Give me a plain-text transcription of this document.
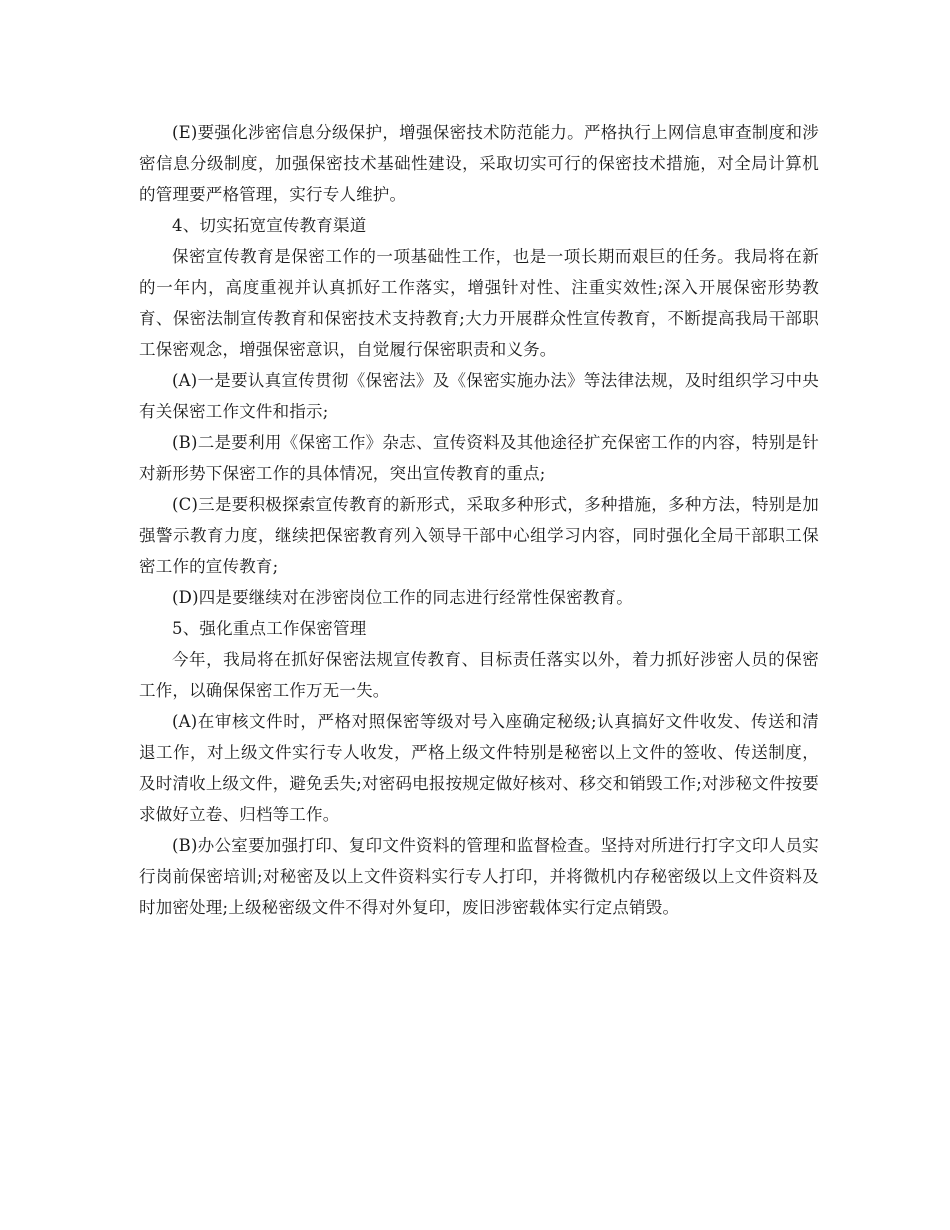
(E)要强化涉密信息分级保护，增强保密技术防范能力。严格执行上网信息审查制度和涉密信息分级制度，加强保密技术基础性建设，采取切实可行的保密技术措施，对全局计算机的管理要严格管理，实行专人维护。

4、切实拓宽宣传教育渠道

保密宣传教育是保密工作的一项基础性工作，也是一项长期而艰巨的任务。我局将在新的一年内，高度重视并认真抓好工作落实，增强针对性、注重实效性;深入开展保密形势教育、保密法制宣传教育和保密技术支持教育;大力开展群众性宣传教育，不断提高我局干部职工保密观念，增强保密意识，自觉履行保密职责和义务。

(A)一是要认真宣传贯彻《保密法》及《保密实施办法》等法律法规，及时组织学习中央有关保密工作文件和指示;

(B)二是要利用《保密工作》杂志、宣传资料及其他途径扩充保密工作的内容，特别是针对新形势下保密工作的具体情况，突出宣传教育的重点;

(C)三是要积极探索宣传教育的新形式，采取多种形式，多种措施，多种方法，特别是加强警示教育力度，继续把保密教育列入领导干部中心组学习内容，同时强化全局干部职工保密工作的宣传教育;

(D)四是要继续对在涉密岗位工作的同志进行经常性保密教育。

5、强化重点工作保密管理

今年，我局将在抓好保密法规宣传教育、目标责任落实以外，着力抓好涉密人员的保密工作，以确保保密工作万无一失。

(A)在审核文件时，严格对照保密等级对号入座确定秘级;认真搞好文件收发、传送和清退工作，对上级文件实行专人收发，严格上级文件特别是秘密以上文件的签收、传送制度，及时清收上级文件，避免丢失;对密码电报按规定做好核对、移交和销毁工作;对涉秘文件按要求做好立卷、归档等工作。

(B)办公室要加强打印、复印文件资料的管理和监督检查。坚持对所进行打字文印人员实行岗前保密培训;对秘密及以上文件资料实行专人打印，并将微机内存秘密级以上文件资料及时加密处理;上级秘密级文件不得对外复印，废旧涉密载体实行定点销毁。
